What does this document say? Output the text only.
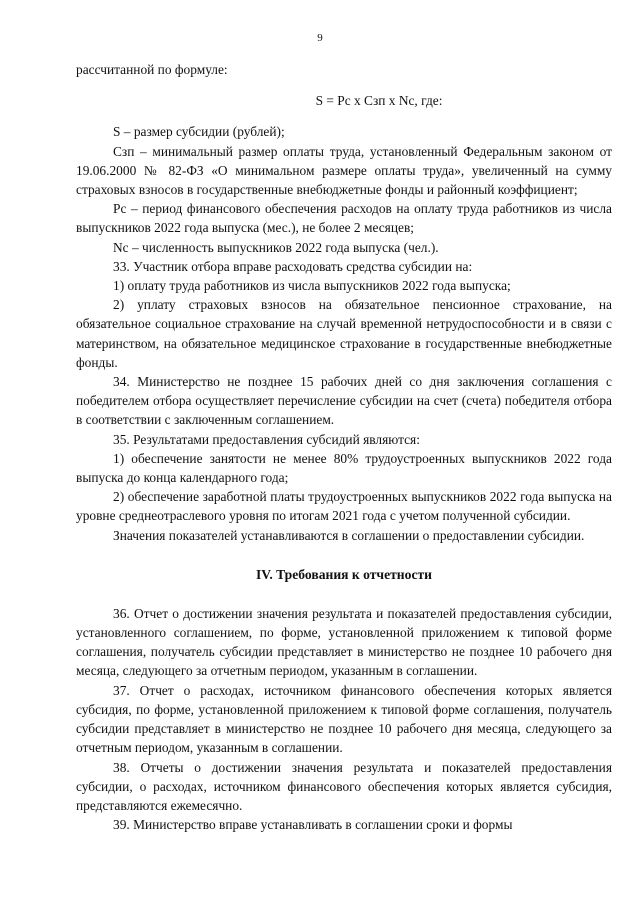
9

рассчитанной по формуле:

S = Рс х Сзп х Nс, где:

S – размер субсидии (рублей);

Сзп – минимальный размер оплаты труда, установленный Федеральным законом от 19.06.2000 № 82-ФЗ «О минимальном размере оплаты труда», увеличенный на сумму страховых взносов в государственные внебюджетные фонды и районный коэффициент;

Рс – период финансового обеспечения расходов на оплату труда работников из числа выпускников 2022 года выпуска (мес.), не более 2 месяцев;

Nс – численность выпускников 2022 года выпуска (чел.).

33. Участник отбора вправе расходовать средства субсидии на:

1) оплату труда работников из числа выпускников 2022 года выпуска;

2) уплату страховых взносов на обязательное пенсионное страхование, на обязательное социальное страхование на случай временной нетрудоспособности и в связи с материнством, на обязательное медицинское страхование в государственные внебюджетные фонды.

34. Министерство не позднее 15 рабочих дней со дня заключения соглашения с победителем отбора осуществляет перечисление субсидии на счет (счета) победителя отбора в соответствии с заключенным соглашением.

35. Результатами предоставления субсидий являются:

1) обеспечение занятости не менее 80% трудоустроенных выпускников 2022 года выпуска до конца календарного года;

2) обеспечение заработной платы трудоустроенных выпускников 2022 года выпуска на уровне среднеотраслевого уровня по итогам 2021 года с учетом полученной субсидии.

Значения показателей устанавливаются в соглашении о предоставлении субсидии.

IV. Требования к отчетности

36. Отчет о достижении значения результата и показателей предоставления субсидии, установленного соглашением, по форме, установленной приложением к типовой форме соглашения, получатель субсидии представляет в министерство не позднее 10 рабочего дня месяца, следующего за отчетным периодом, указанным в соглашении.

37. Отчет о расходах, источником финансового обеспечения которых является субсидия, по форме, установленной приложением к типовой форме соглашения, получатель субсидии представляет в министерство не позднее 10 рабочего дня месяца, следующего за отчетным периодом, указанным в соглашении.

38. Отчеты о достижении значения результата и показателей предоставления субсидии, о расходах, источником финансового обеспечения которых является субсидия, представляются ежемесячно.

39. Министерство вправе устанавливать в соглашении сроки и формы
